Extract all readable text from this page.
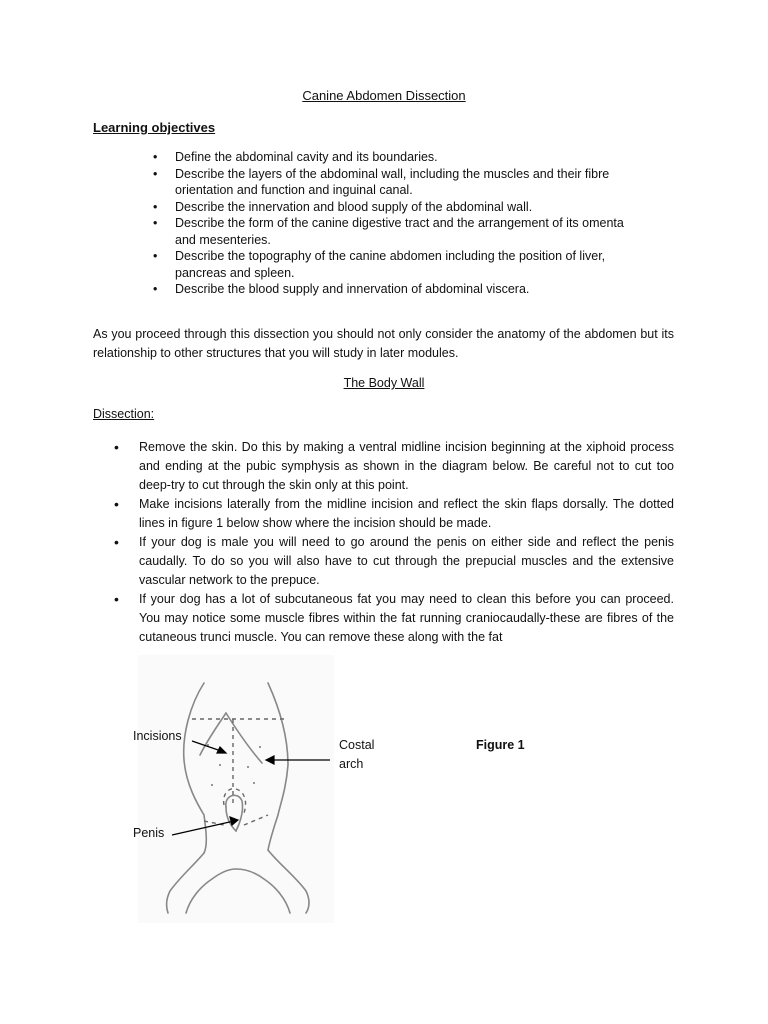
Canine Abdomen Dissection
Learning objectives
• Define the abdominal cavity and its boundaries.
• Describe the layers of the abdominal wall, including the muscles and their fibre orientation and function and inguinal canal.
• Describe the innervation and blood supply of the abdominal wall.
• Describe the form of the canine digestive tract and the arrangement of its omenta and mesenteries.
• Describe the topography of the canine abdomen including the position of liver, pancreas and spleen.
• Describe the blood supply and innervation of abdominal viscera.
As you proceed through this dissection you should not only consider the anatomy of the abdomen but its relationship to other structures that you will study in later modules.
The Body Wall
Dissection:
• Remove the skin. Do this by making a ventral midline incision beginning at the xiphoid process and ending at the pubic symphysis as shown in the diagram below. Be careful not to cut too deep-try to cut through the skin only at this point.
• Make incisions laterally from the midline incision and reflect the skin flaps dorsally. The dotted lines in figure 1 below show where the incision should be made.
• If your dog is male you will need to go around the penis on either side and reflect the penis caudally. To do so you will also have to cut through the prepucial muscles and the extensive vascular network to the prepuce.
• If your dog has a lot of subcutaneous fat you may need to clean this before you can proceed. You may notice some muscle fibres within the fat running craniocaudally-these are fibres of the cutaneous trunci muscle. You can remove these along with the fat
Incisions
Costal
arch
Penis
Figure 1
